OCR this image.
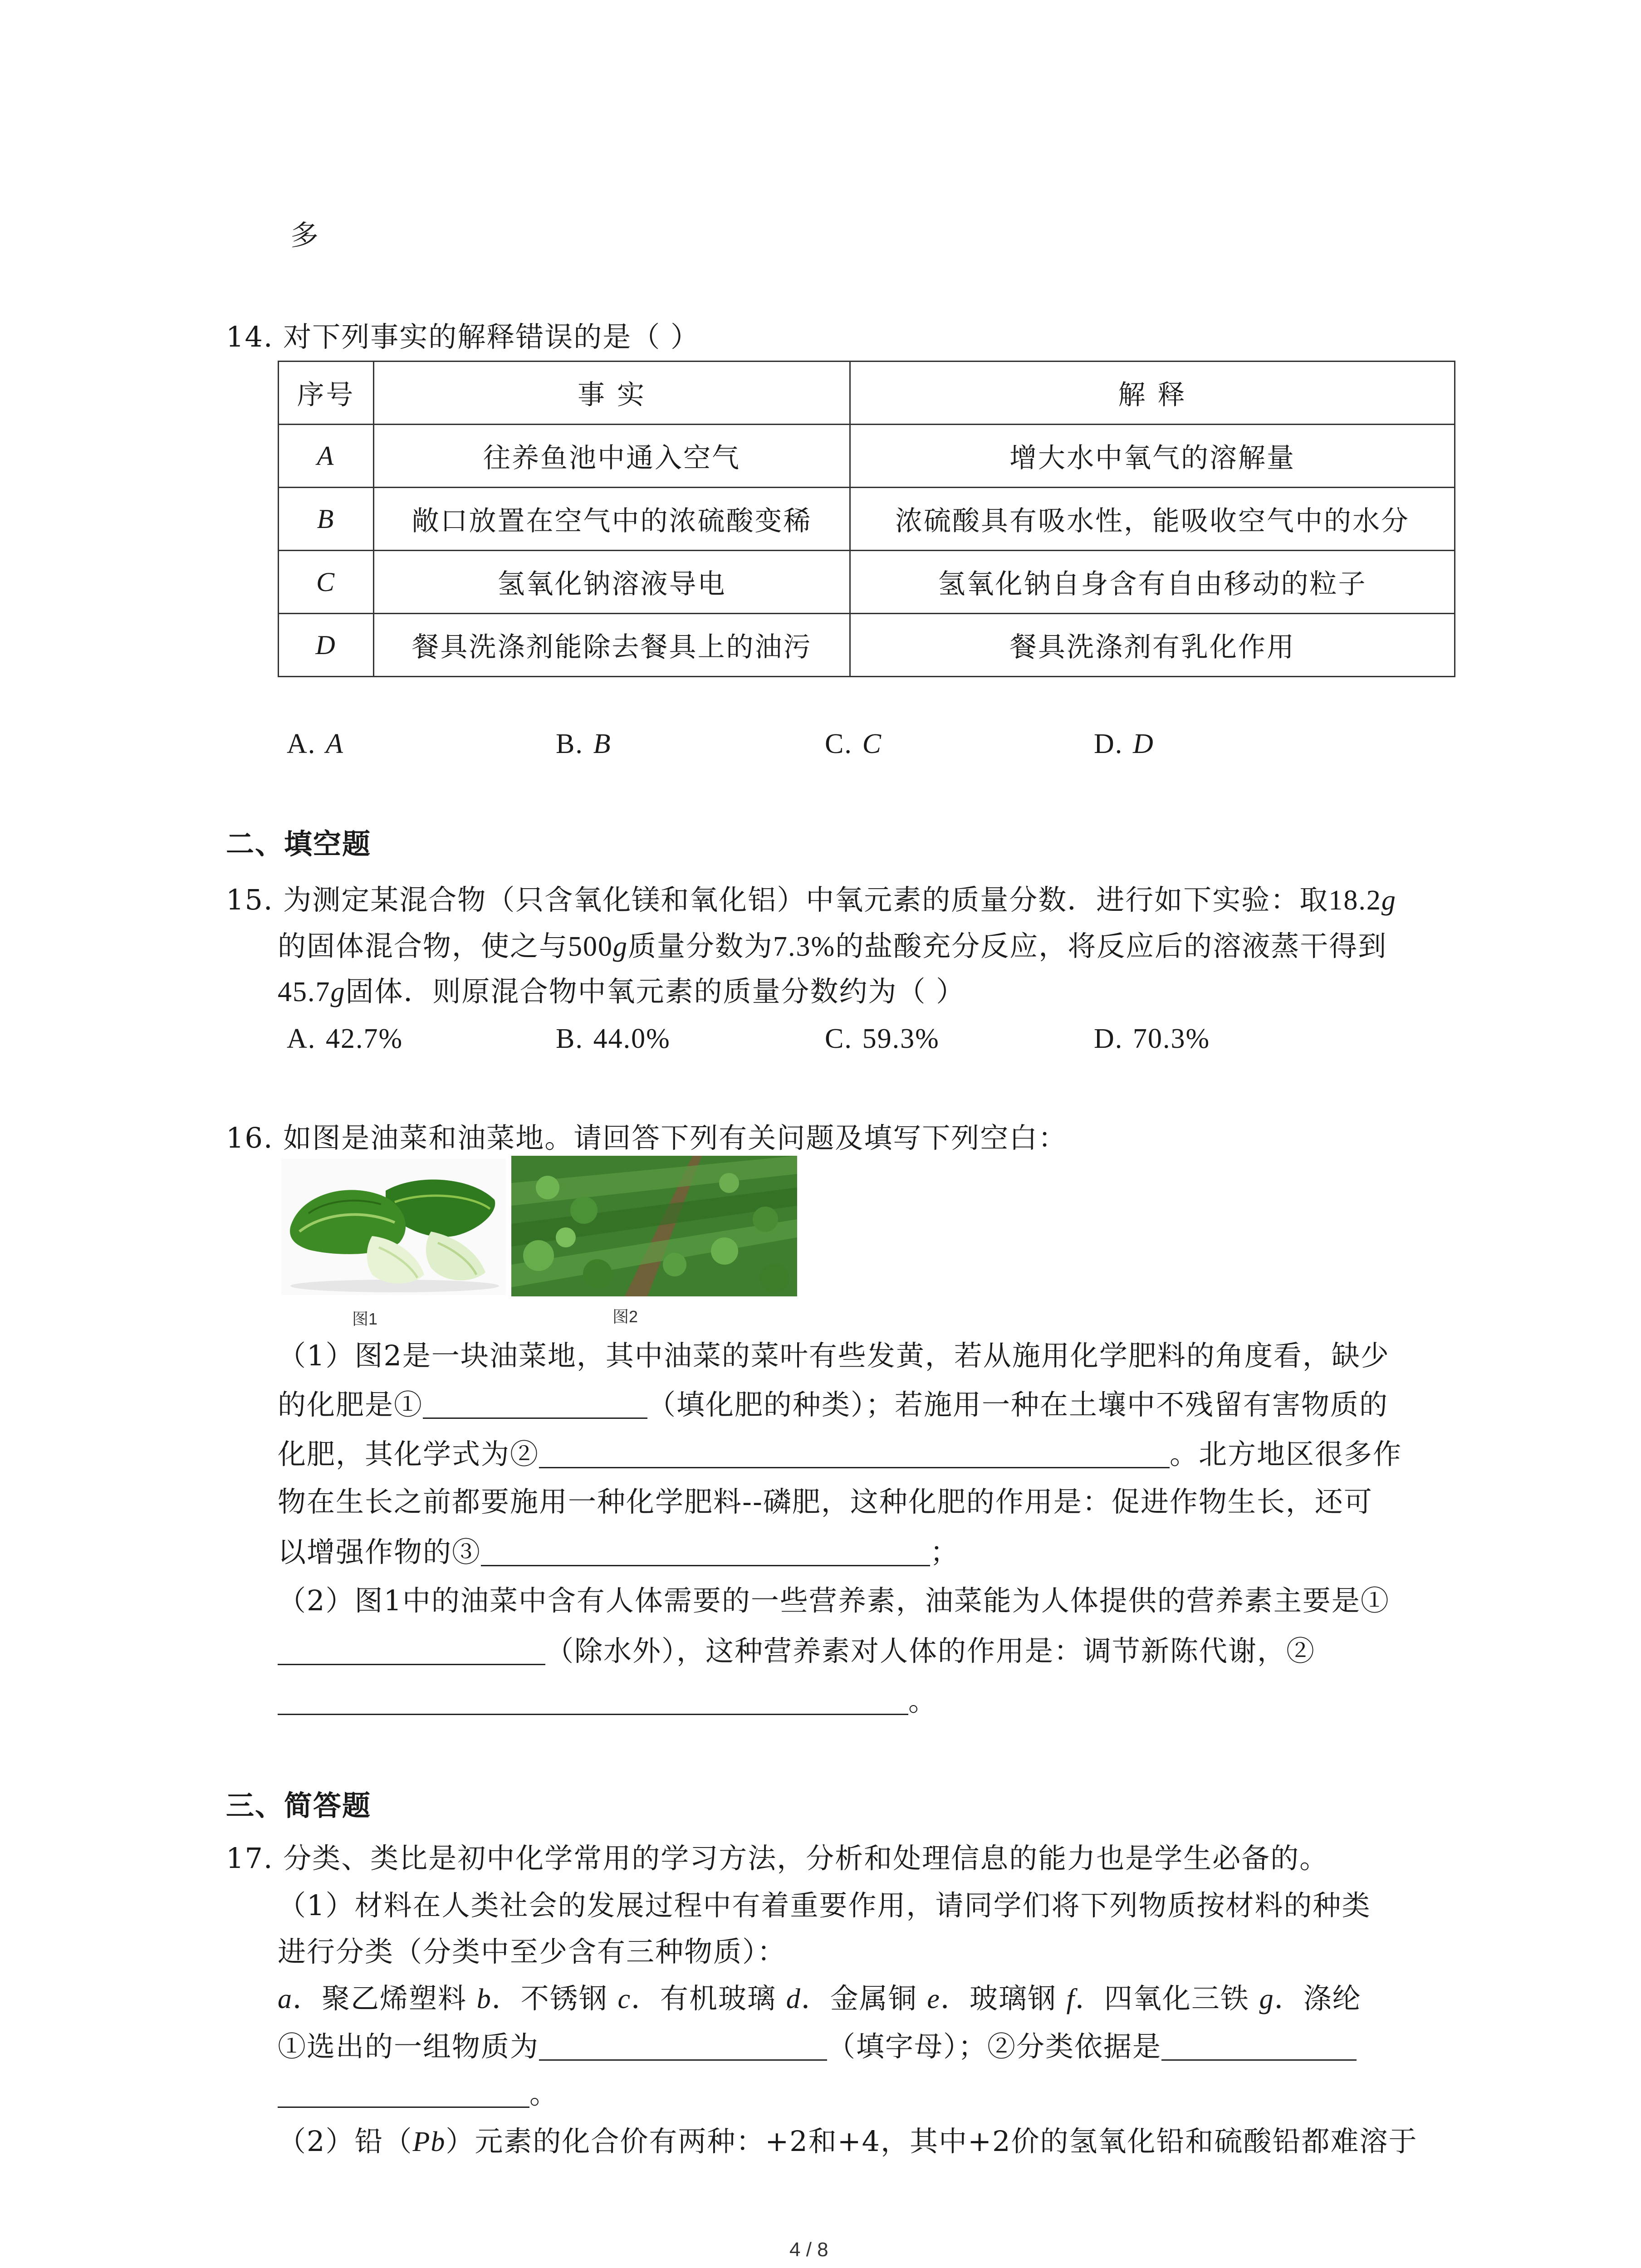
多
14. 对下列事实的解释错误的是（ ）
序号	事 实	解 释
A	往养鱼池中通入空气	增大水中氧气的溶解量
B	敞口放置在空气中的浓硫酸变稀	浓硫酸具有吸水性，能吸收空气中的水分
C	氢氧化钠溶液导电	氢氧化钠自身含有自由移动的粒子
D	餐具洗涤剂能除去餐具上的油污	餐具洗涤剂有乳化作用
A. A	B. B	C. C	D. D
二、填空题
15. 为测定某混合物（只含氧化镁和氧化铝）中氧元素的质量分数．进行如下实验：取18.2g
的固体混合物，使之与500g质量分数为7.3%的盐酸充分反应，将反应后的溶液蒸干得到
45.7g固体．则原混合物中氧元素的质量分数约为（ ）
A. 42.7%	B. 44.0%	C. 59.3%	D. 70.3%
16. 如图是油菜和油菜地。请回答下列有关问题及填写下列空白：
图1	图2
（1）图2是一块油菜地，其中油菜的菜叶有些发黄，若从施用化学肥料的角度看，缺少
的化肥是①	（填化肥的种类）；若施用一种在土壤中不残留有害物质的
化肥，其化学式为②	。北方地区很多作
物在生长之前都要施用一种化学肥料--磷肥，这种化肥的作用是：促进作物生长，还可
以增强作物的③	；
（2）图1中的油菜中含有人体需要的一些营养素，油菜能为人体提供的营养素主要是①
（除水外），这种营养素对人体的作用是：调节新陈代谢，②
。
三、简答题
17. 分类、类比是初中化学常用的学习方法，分析和处理信息的能力也是学生必备的。
（1）材料在人类社会的发展过程中有着重要作用，请同学们将下列物质按材料的种类
进行分类（分类中至少含有三种物质）：
a．聚乙烯塑料 b．不锈钢 c．有机玻璃 d．金属铜 e．玻璃钢 f．四氧化三铁 g．涤纶
①选出的一组物质为	（填字母）；②分类依据是
。
（2）铅（Pb）元素的化合价有两种：+2和+4，其中+2价的氢氧化铅和硫酸铅都难溶于
4 / 8
